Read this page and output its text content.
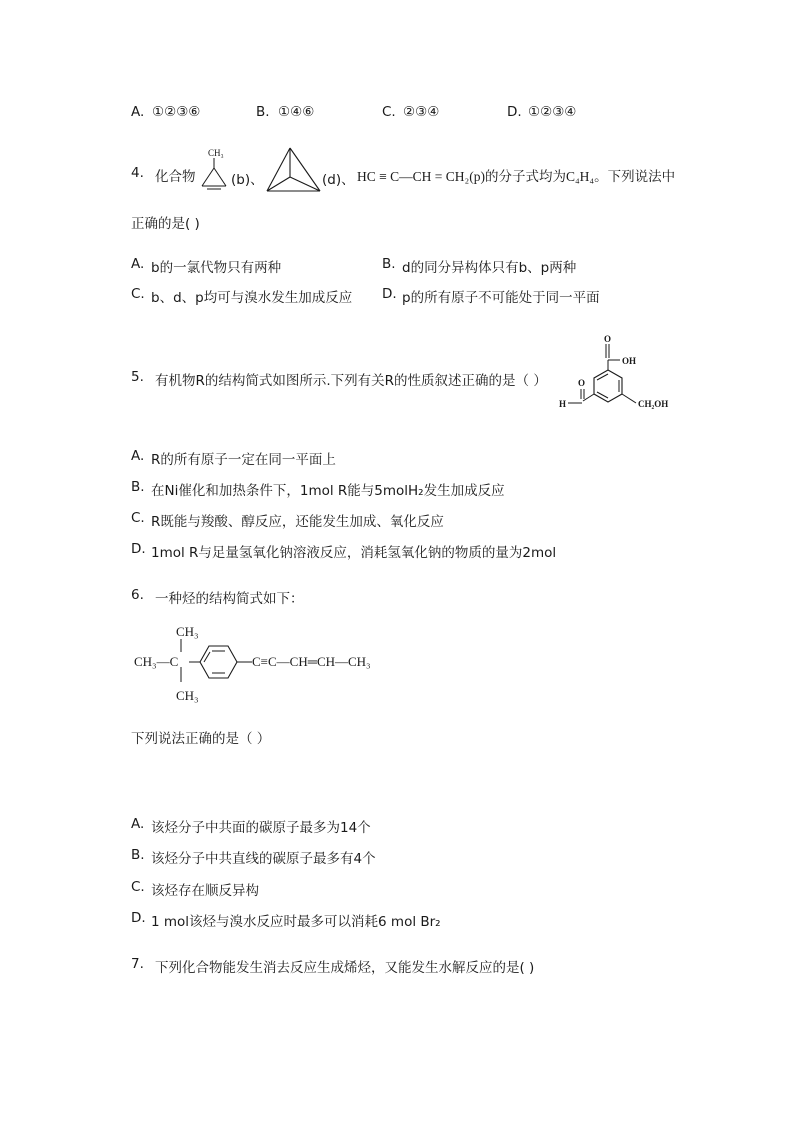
A. ①②③⑥	B. ①④⑥	C. ②③④	D. ①②③④
4. 化合物
CH₃
(b)、	(d)、 HC ≡ C—CH = CH₂(p)的分子式均为C₄H₄。下列说法中
正确的是( )
A. b的一氯代物只有两种	B. d的同分异构体只有b、p两种
C. b、d、p均可与溴水发生加成反应 D. p的所有原子不可能处于同一平面
5. 有机物R的结构简式如图所示.下列有关R的性质叙述正确的是（ ）
O
OH
O
H	CH₂OH
A. R的所有原子一定在同一平面上
B. 在Ni催化和加热条件下，1mol R能与5molH₂发生加成反应
C. R既能与羧酸、醇反应，还能发生加成、氧化反应
D. 1mol R与足量氢氧化钠溶液反应，消耗氢氧化钠的物质的量为2mol
6. 一种烃的结构简式如下：
CH₃
CH₃—C
CH₃
C≡C—CH═CH—CH₃
下列说法正确的是（ ）
A. 该烃分子中共面的碳原子最多为14个
B. 该烃分子中共直线的碳原子最多有4个
C. 该烃存在顺反异构
D. 1 mol该烃与溴水反应时最多可以消耗6 mol Br₂
7. 下列化合物能发生消去反应生成烯烃，又能发生水解反应的是( )
